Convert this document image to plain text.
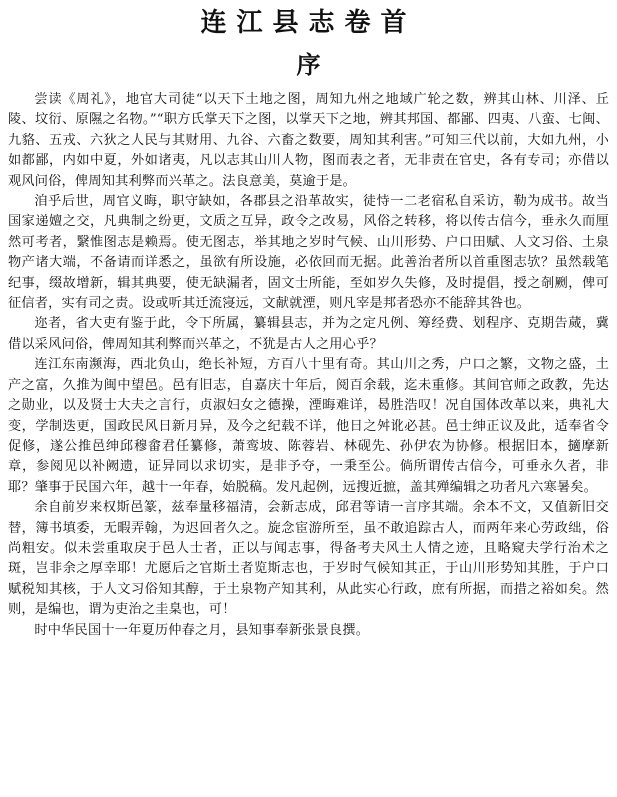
连江县志卷首
序

尝读《周礼》，地官大司徒“以天下土地之图，周知九州之地域广轮之数，辨其山林、川泽、丘陵、坟衍、原隰之名物。”“职方氏掌天下之图，以掌天下之地，辨其邦国、都鄙、四夷、八蛮、七闽、九貉、五戎、六狄之人民与其财用、九谷、六畜之数要，周知其利害。”可知三代以前，大如九州，小如都鄙，内如中夏，外如诸夷，凡以志其山川人物，图而表之者，无非责在官史，各有专司；亦借以观风问俗，俾周知其利弊而兴革之。法良意美，莫逾于是。

洎乎后世，周官义晦，职守缺如，各郡县之沿革故实，徒恃一二老宿私自采访，勒为成书。故当国家递嬗之交，凡典制之纷更，文质之互异，政令之改易，风俗之转移，将以传古信今，垂永久而厘然可考者，繄惟图志是赖焉。使无图志，举其地之岁时气候、山川形势、户口田赋、人文习俗、土泉物产诸大端，不备请而详悉之，虽欲有所设施，必依回而无据。此善治者所以首重图志欤？虽然载笔纪事，缀故增新，辑其典要，使无缺漏者，固文士所能，至如岁久失修，及时提倡，授之剞劂，俾可征信者，实有司之责。设或听其迁流寖远，文献就湮，则凡宰是邦者恐亦不能辞其咎也。

迩者，省大吏有鉴于此，令下所属，纂辑县志，并为之定凡例、筹经费、划程序、克期告蒇，冀借以采风问俗，俾周知其利弊而兴革之，不犹是古人之用心乎？

连江东南濒海，西北负山，绝长补短，方百八十里有奇。其山川之秀，户口之繁，文物之盛，土产之富，久推为闽中望邑。邑有旧志，自嘉庆十年后，阅百余载，迄未重修。其间官师之政教，先达之勋业，以及贤士大夫之言行，贞淑妇女之德操，湮晦难详，曷胜浩叹！况自国体改革以来，典礼大变，学制迭更，国政民风日新月异，及今之纪载不详，他日之舛讹必甚。邑士绅正议及此，适奉省令促修，遂公推邑绅邱穆畲君任纂修，萧鸾坡、陈蓉岩、林砚先、孙伊农为协修。根据旧本，擿摩新章，参阅见以补阙遗，证异同以求切实，是非予夺，一秉至公。倘所谓传古信今，可垂永久者，非耶？肇事于民国六年，越十一年春，始脱稿。发凡起例，远搜近摭，盖其殚编辑之功者凡六寒暑矣。

余自前岁来权斯邑篆，兹奉量移福清，会新志成，邱君等请一言序其端。余本不文，又值新旧交替，簿书填委，无暇弄翰，为迟回者久之。旋念宦游所至，虽不敢追踪古人，而两年来心劳政绌，俗尚粗安。似未尝重取戾于邑人士者，正以与闻志事，得备考夫风土人情之迹，且略窥夫学行治术之斑，岂非余之厚幸耶！尤愿后之官斯土者览斯志也，于岁时气候知其正，于山川形势知其胜，于户口赋税知其核，于人文习俗知其醇，于土泉物产知其利，从此实心行政，庶有所据，而措之裕如矣。然则，是编也，谓为吏治之圭臬也，可！

时中华民国十一年夏历仲春之月，县知事奉新张景良撰。
